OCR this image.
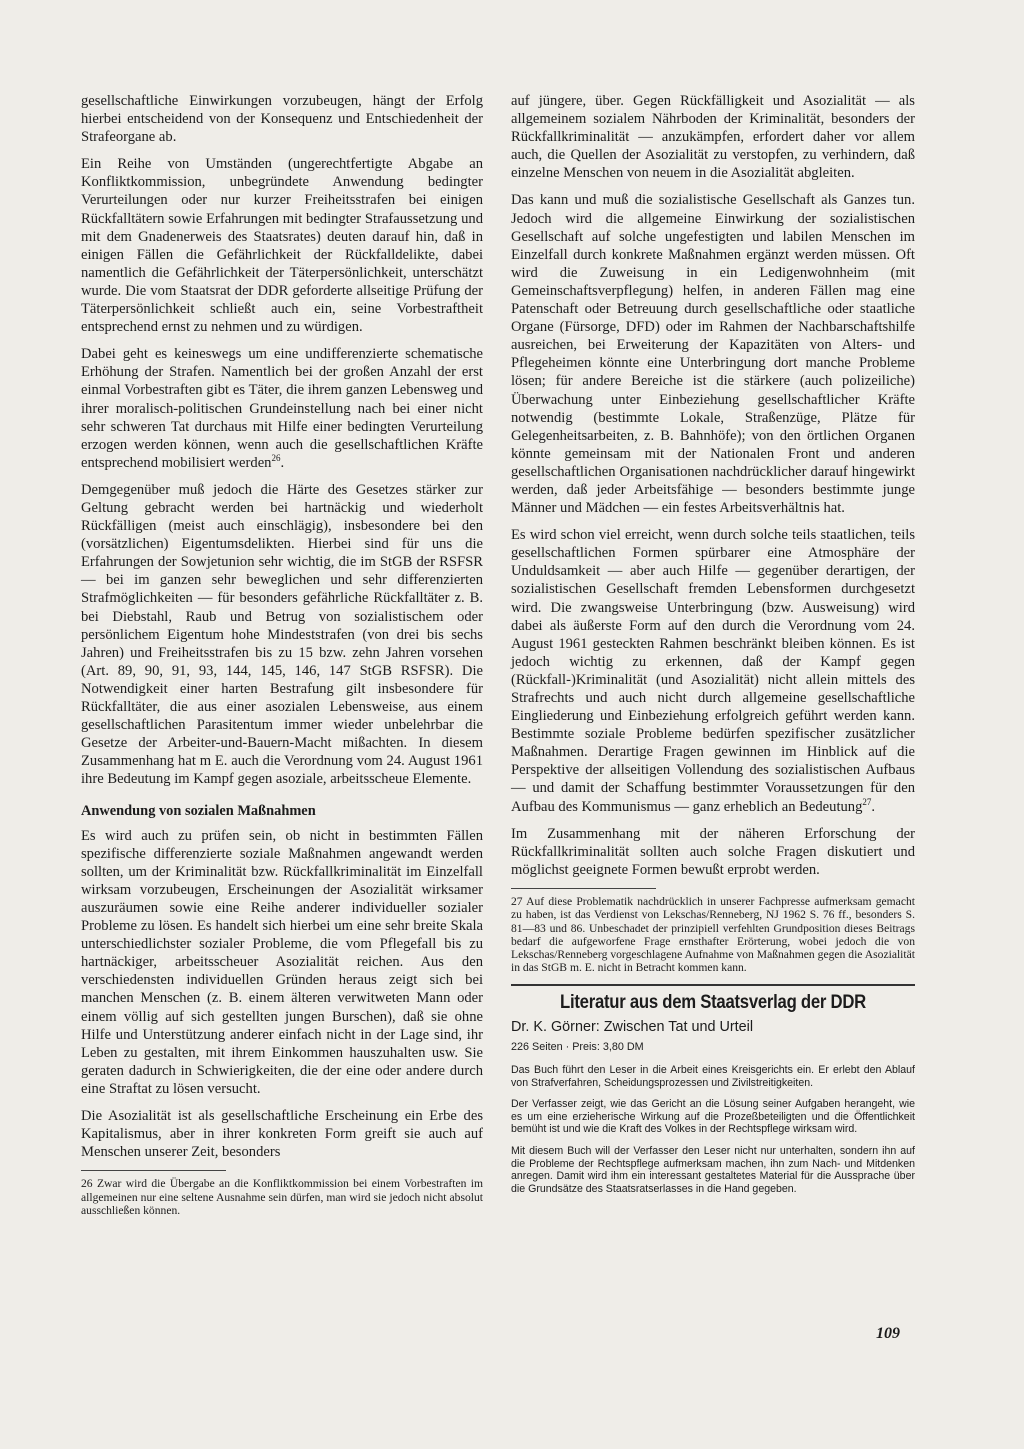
gesellschaftliche Einwirkungen vorzubeugen, hängt der Erfolg hierbei entscheidend von der Konsequenz und Entschiedenheit der Strafeorgane ab.

Ein Reihe von Umständen (ungerechtfertigte Abgabe an Konfliktkommission, unbegründete Anwendung bedingter Verurteilungen oder nur kurzer Freiheitsstrafen bei einigen Rückfalltätern sowie Erfahrungen mit bedingter Strafaussetzung und mit dem Gnadenerweis des Staatsrates) deuten darauf hin, daß in einigen Fällen die Gefährlichkeit der Rückfalldelikte, dabei namentlich die Gefährlichkeit der Täterpersönlichkeit, unterschätzt wurde. Die vom Staatsrat der DDR geforderte allseitige Prüfung der Täterpersönlichkeit schließt auch ein, seine Vorbestraftheit entsprechend ernst zu nehmen und zu würdigen.

Dabei geht es keineswegs um eine undifferenzierte schematische Erhöhung der Strafen. Namentlich bei der großen Anzahl der erst einmal Vorbestraften gibt es Täter, die ihrem ganzen Lebensweg und ihrer moralisch-politischen Grundeinstellung nach bei einer nicht sehr schweren Tat durchaus mit Hilfe einer bedingten Verurteilung erzogen werden können, wenn auch die gesellschaftlichen Kräfte entsprechend mobilisiert werden$^{26}$.

Demgegenüber muß jedoch die Härte des Gesetzes stärker zur Geltung gebracht werden bei hartnäckig und wiederholt Rückfälligen (meist auch einschlägig), insbesondere bei den (vorsätzlichen) Eigentumsdelikten. Hierbei sind für uns die Erfahrungen der Sowjetunion sehr wichtig, die im StGB der RSFSR — bei im ganzen sehr beweglichen und sehr differenzierten Strafmöglichkeiten — für besonders gefährliche Rückfalltäter z. B. bei Diebstahl, Raub und Betrug von sozialistischem oder persönlichem Eigentum hohe Mindeststrafen (von drei bis sechs Jahren) und Freiheitsstrafen bis zu 15 bzw. zehn Jahren vorsehen (Art. 89, 90, 91, 93, 144, 145, 146, 147 StGB RSFSR). Die Notwendigkeit einer harten Bestrafung gilt insbesondere für Rückfalltäter, die aus einer asozialen Lebensweise, aus einem gesellschaftlichen Parasitentum immer wieder unbelehrbar die Gesetze der Arbeiter-und-Bauern-Macht mißachten. In diesem Zusammenhang hat m E. auch die Verordnung vom 24. August 1961 ihre Bedeutung im Kampf gegen asoziale, arbeitsscheue Elemente.

Anwendung von sozialen Maßnahmen

Es wird auch zu prüfen sein, ob nicht in bestimmten Fällen spezifische differenzierte soziale Maßnahmen angewandt werden sollten, um der Kriminalität bzw. Rückfallkriminalität im Einzelfall wirksam vorzubeugen, Erscheinungen der Asozialität wirksamer auszuräumen sowie eine Reihe anderer individueller sozialer Probleme zu lösen. Es handelt sich hierbei um eine sehr breite Skala unterschiedlichster sozialer Probleme, die vom Pflegefall bis zu hartnäckiger, arbeitsscheuer Asozialität reichen. Aus den verschiedensten individuellen Gründen heraus zeigt sich bei manchen Menschen (z. B. einem älteren verwitweten Mann oder einem völlig auf sich gestellten jungen Burschen), daß sie ohne Hilfe und Unterstützung anderer einfach nicht in der Lage sind, ihr Leben zu gestalten, mit ihrem Einkommen hauszuhalten usw. Sie geraten dadurch in Schwierigkeiten, die der eine oder andere durch eine Straftat zu lösen versucht.

Die Asozialität ist als gesellschaftliche Erscheinung ein Erbe des Kapitalismus, aber in ihrer konkreten Form greift sie auch auf Menschen unserer Zeit, besonders

26 Zwar wird die Übergabe an die Konfliktkommission bei einem Vorbestraften im allgemeinen nur eine seltene Ausnahme sein dürfen, man wird sie jedoch nicht absolut ausschließen können.

auf jüngere, über. Gegen Rückfälligkeit und Asozialität — als allgemeinem sozialem Nährboden der Kriminalität, besonders der Rückfallkriminalität — anzukämpfen, erfordert daher vor allem auch, die Quellen der Asozialität zu verstopfen, zu verhindern, daß einzelne Menschen von neuem in die Asozialität abgleiten.

Das kann und muß die sozialistische Gesellschaft als Ganzes tun. Jedoch wird die allgemeine Einwirkung der sozialistischen Gesellschaft auf solche ungefestigten und labilen Menschen im Einzelfall durch konkrete Maßnahmen ergänzt werden müssen. Oft wird die Zuweisung in ein Ledigenwohnheim (mit Gemeinschaftsverpflegung) helfen, in anderen Fällen mag eine Patenschaft oder Betreuung durch gesellschaftliche oder staatliche Organe (Fürsorge, DFD) oder im Rahmen der Nachbarschaftshilfe ausreichen, bei Erweiterung der Kapazitäten von Alters- und Pflegeheimen könnte eine Unterbringung dort manche Probleme lösen; für andere Bereiche ist die stärkere (auch polizeiliche) Überwachung unter Einbeziehung gesellschaftlicher Kräfte notwendig (bestimmte Lokale, Straßenzüge, Plätze für Gelegenheitsarbeiten, z. B. Bahnhöfe); von den örtlichen Organen könnte gemeinsam mit der Nationalen Front und anderen gesellschaftlichen Organisationen nachdrücklicher darauf hingewirkt werden, daß jeder Arbeitsfähige — besonders bestimmte junge Männer und Mädchen — ein festes Arbeitsverhältnis hat.

Es wird schon viel erreicht, wenn durch solche teils staatlichen, teils gesellschaftlichen Formen spürbarer eine Atmosphäre der Unduldsamkeit — aber auch Hilfe — gegenüber derartigen, der sozialistischen Gesellschaft fremden Lebensformen durchgesetzt wird. Die zwangsweise Unterbringung (bzw. Ausweisung) wird dabei als äußerste Form auf den durch die Verordnung vom 24. August 1961 gesteckten Rahmen beschränkt bleiben können. Es ist jedoch wichtig zu erkennen, daß der Kampf gegen (Rückfall-)Kriminalität (und Asozialität) nicht allein mittels des Strafrechts und auch nicht durch allgemeine gesellschaftliche Eingliederung und Einbeziehung erfolgreich geführt werden kann. Bestimmte soziale Probleme bedürfen spezifischer zusätzlicher Maßnahmen. Derartige Fragen gewinnen im Hinblick auf die Perspektive der allseitigen Vollendung des sozialistischen Aufbaus — und damit der Schaffung bestimmter Voraussetzungen für den Aufbau des Kommunismus — ganz erheblich an Bedeutung$^{27}$.

Im Zusammenhang mit der näheren Erforschung der Rückfallkriminalität sollten auch solche Fragen diskutiert und möglichst geeignete Formen bewußt erprobt werden.

27 Auf diese Problematik nachdrücklich in unserer Fachpresse aufmerksam gemacht zu haben, ist das Verdienst von Lekschas/Renneberg, NJ 1962 S. 76 ff., besonders S. 81—83 und 86. Unbeschadet der prinzipiell verfehlten Grundposition dieses Beitrags bedarf die aufgeworfene Frage ernsthafter Erörterung, wobei jedoch die von Lekschas/Renneberg vorgeschlagene Aufnahme von Maßnahmen gegen die Asozialität in das StGB m. E. nicht in Betracht kommen kann.

Literatur aus dem Staatsverlag der DDR
Dr. K. Görner: Zwischen Tat und Urteil
226 Seiten · Preis: 3,80 DM

Das Buch führt den Leser in die Arbeit eines Kreisgerichts ein. Er erlebt den Ablauf von Strafverfahren, Scheidungsprozessen und Zivilstreitigkeiten.

Der Verfasser zeigt, wie das Gericht an die Lösung seiner Aufgaben herangeht, wie es um eine erzieherische Wirkung auf die Prozeßbeteiligten und die Öffentlichkeit bemüht ist und wie die Kraft des Volkes in der Rechtspflege wirksam wird.

Mit diesem Buch will der Verfasser den Leser nicht nur unterhalten, sondern ihn auf die Probleme der Rechtspflege aufmerksam machen, ihn zum Nach- und Mitdenken anregen. Damit wird ihm ein interessant gestaltetes Material für die Aussprache über die Grundsätze des Staatsratserlasses in die Hand gegeben.

109
